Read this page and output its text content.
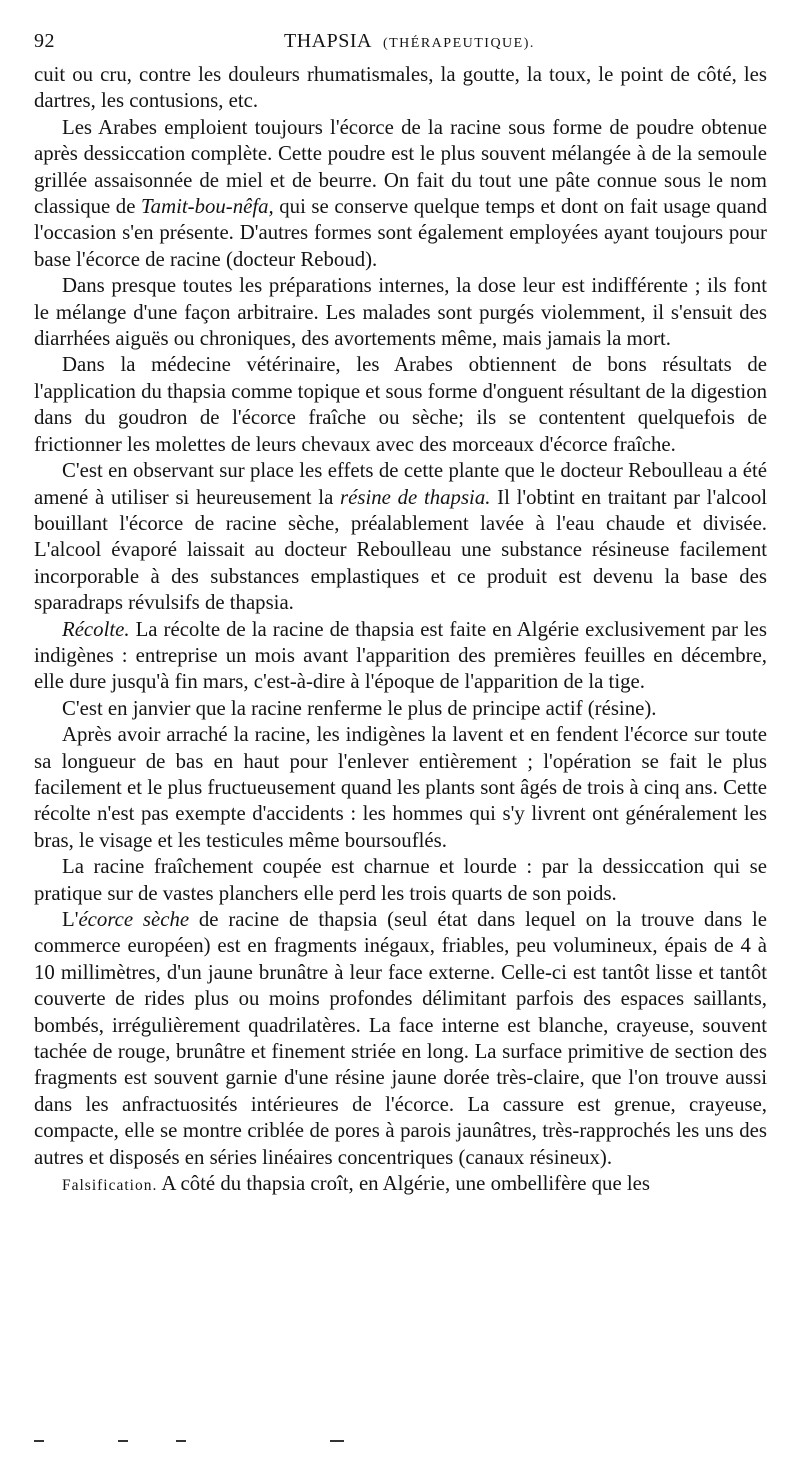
92	THAPSIA (THÉRAPEUTIQUE).

cuit ou cru, contre les douleurs rhumatismales, la goutte, la toux, le point de côté, les dartres, les contusions, etc.

Les Arabes emploient toujours l'écorce de la racine sous forme de poudre obtenue après dessiccation complète. Cette poudre est le plus souvent mélangée à de la semoule grillée assaisonnée de miel et de beurre. On fait du tout une pâte connue sous le nom classique de Tamit-bou-nêfa, qui se conserve quelque temps et dont on fait usage quand l'occasion s'en présente. D'autres formes sont également employées ayant toujours pour base l'écorce de racine (docteur Reboud).

Dans presque toutes les préparations internes, la dose leur est indifférente ; ils font le mélange d'une façon arbitraire. Les malades sont purgés violemment, il s'ensuit des diarrhées aiguës ou chroniques, des avortements même, mais jamais la mort.

Dans la médecine vétérinaire, les Arabes obtiennent de bons résultats de l'application du thapsia comme topique et sous forme d'onguent résultant de la digestion dans du goudron de l'écorce fraîche ou sèche; ils se contentent quelquefois de frictionner les molettes de leurs chevaux avec des morceaux d'écorce fraîche.

C'est en observant sur place les effets de cette plante que le docteur Reboulleau a été amené à utiliser si heureusement la résine de thapsia. Il l'obtint en traitant par l'alcool bouillant l'écorce de racine sèche, préalablement lavée à l'eau chaude et divisée. L'alcool évaporé laissait au docteur Reboulleau une substance résineuse facilement incorporable à des substances emplastiques et ce produit est devenu la base des sparadraps révulsifs de thapsia.

Récolte. La récolte de la racine de thapsia est faite en Algérie exclusivement par les indigènes : entreprise un mois avant l'apparition des premières feuilles en décembre, elle dure jusqu'à fin mars, c'est-à-dire à l'époque de l'apparition de la tige.

C'est en janvier que la racine renferme le plus de principe actif (résine).

Après avoir arraché la racine, les indigènes la lavent et en fendent l'écorce sur toute sa longueur de bas en haut pour l'enlever entièrement ; l'opération se fait le plus facilement et le plus fructueusement quand les plants sont âgés de trois à cinq ans. Cette récolte n'est pas exempte d'accidents : les hommes qui s'y livrent ont généralement les bras, le visage et les testicules même boursouflés.

La racine fraîchement coupée est charnue et lourde : par la dessiccation qui se pratique sur de vastes planchers elle perd les trois quarts de son poids.

L'écorce sèche de racine de thapsia (seul état dans lequel on la trouve dans le commerce européen) est en fragments inégaux, friables, peu volumineux, épais de 4 à 10 millimètres, d'un jaune brunâtre à leur face externe. Celle-ci est tantôt lisse et tantôt couverte de rides plus ou moins profondes délimitant parfois des espaces saillants, bombés, irrégulièrement quadrilatères. La face interne est blanche, crayeuse, souvent tachée de rouge, brunâtre et finement striée en long. La surface primitive de section des fragments est souvent garnie d'une résine jaune dorée très-claire, que l'on trouve aussi dans les anfractuosités intérieures de l'écorce. La cassure est grenue, crayeuse, compacte, elle se montre criblée de pores à parois jaunâtres, très-rapprochés les uns des autres et disposés en séries linéaires concentriques (canaux résineux).

Falsification. A côté du thapsia croît, en Algérie, une ombellifère que les
